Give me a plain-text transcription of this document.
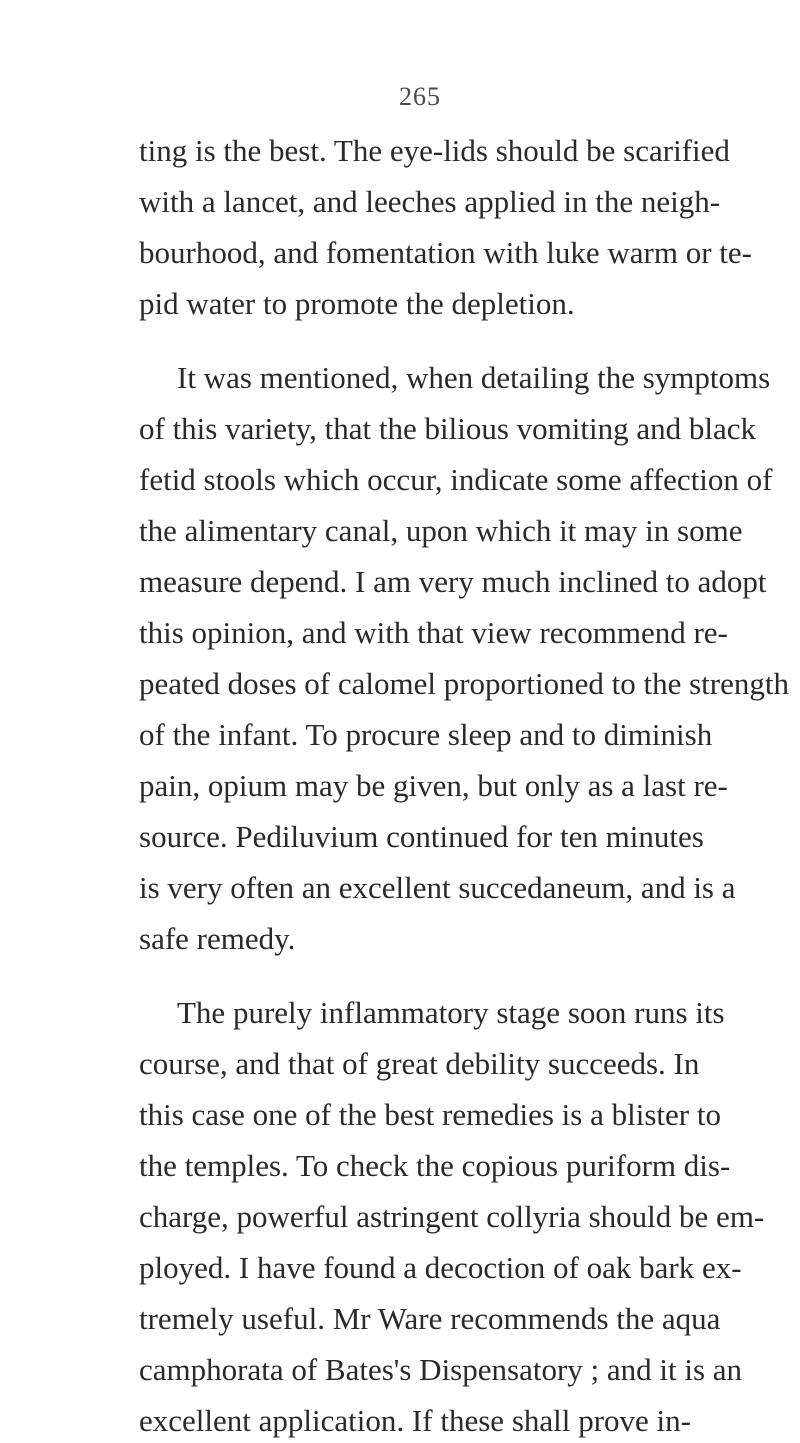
265
ting is the best. The eye-lids should be scarified
with a lancet, and leeches applied in the neigh-
bourhood, and fomentation with luke warm or te-
pid water to promote the depletion.
It was mentioned, when detailing the symptoms
of this variety, that the bilious vomiting and black
fetid stools which occur, indicate some affection of
the alimentary canal, upon which it may in some
measure depend. I am very much inclined to adopt
this opinion, and with that view recommend re-
peated doses of calomel proportioned to the strength
of the infant. To procure sleep and to diminish
pain, opium may be given, but only as a last re-
source. Pediluvium continued for ten minutes
is very often an excellent succedaneum, and is a
safe remedy.
The purely inflammatory stage soon runs its
course, and that of great debility succeeds. In
this case one of the best remedies is a blister to
the temples. To check the copious puriform dis-
charge, powerful astringent collyria should be em-
ployed. I have found a decoction of oak bark ex-
tremely useful. Mr Ware recommends the aqua
camphorata of Bates's Dispensatory ; and it is an
excellent application. If these shall prove in-
